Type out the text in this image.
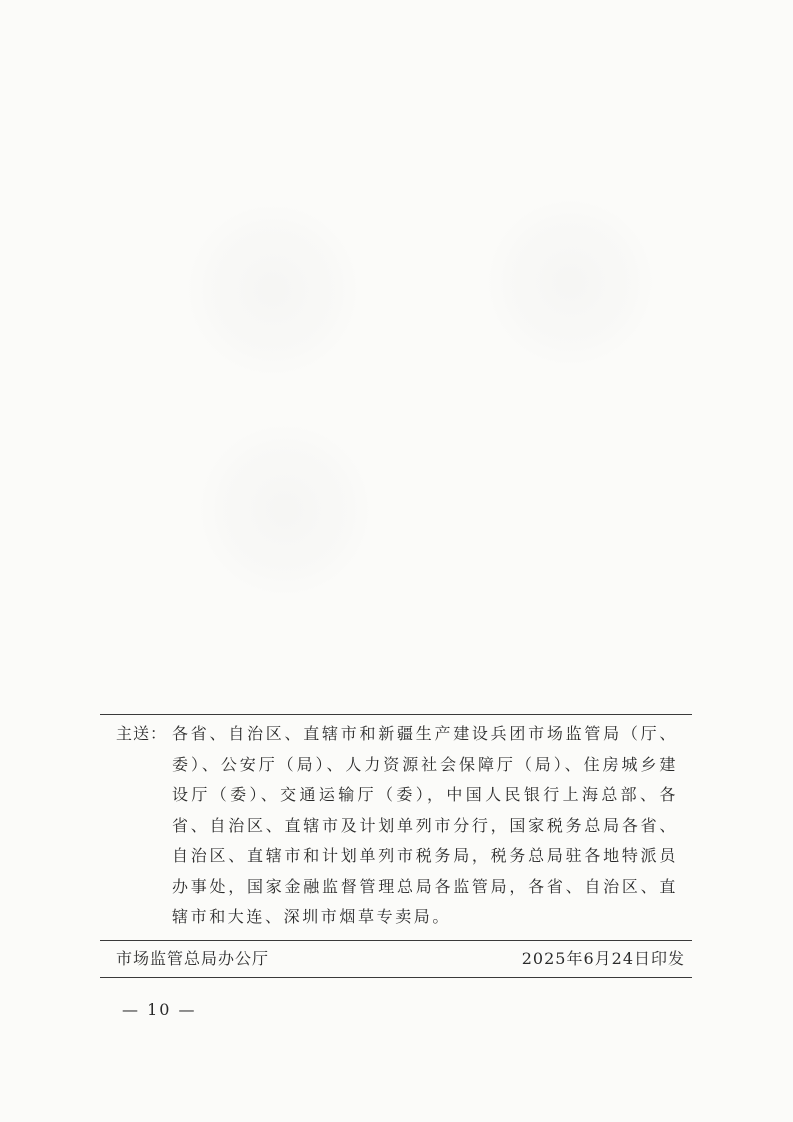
主送： 各省、自治区、直辖市和新疆生产建设兵团市场监管局（厅、委）、公安厅（局）、人力资源社会保障厅（局）、住房城乡建设厅（委）、交通运输厅（委），中国人民银行上海总部、各省、自治区、直辖市及计划单列市分行，国家税务总局各省、自治区、直辖市和计划单列市税务局，税务总局驻各地特派员办事处，国家金融监督管理总局各监管局，各省、自治区、直辖市和大连、深圳市烟草专卖局。
市场监管总局办公厅	2025年6月24日印发
— 10 —
